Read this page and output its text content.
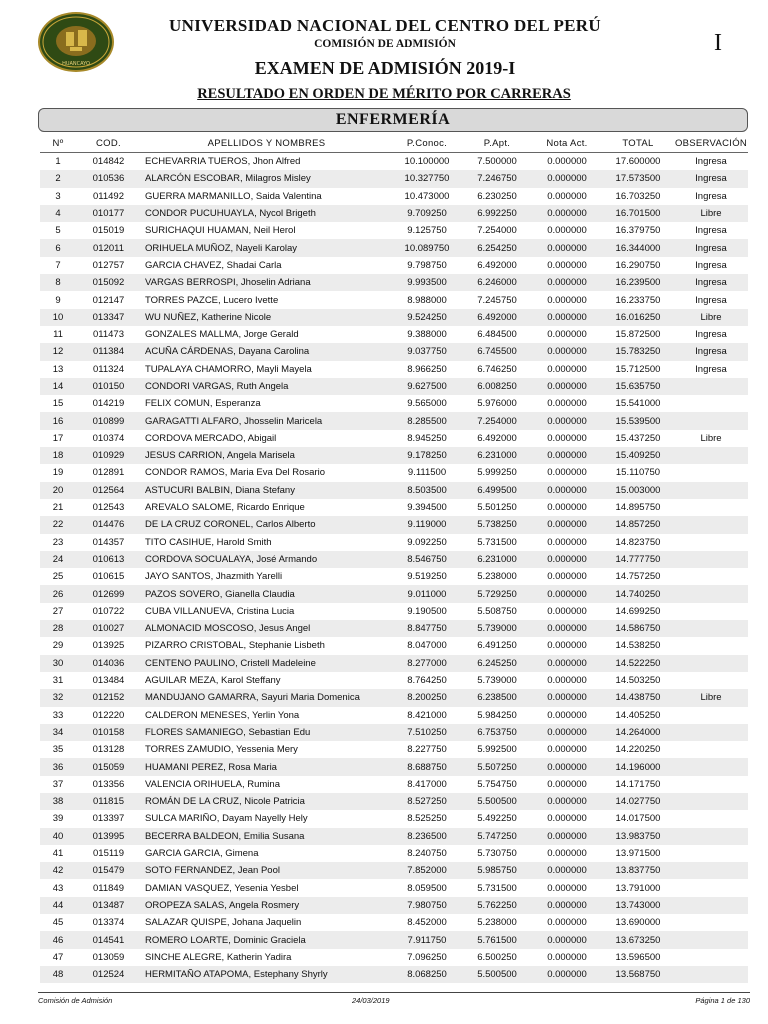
HUANCAYO
UNIVERSIDAD NACIONAL DEL CENTRO DEL PERÚ
COMISIÓN DE ADMISIÓN
EXAMEN DE ADMISIÓN 2019-I
RESULTADO EN ORDEN DE MÉRITO POR CARRERAS
I
ENFERMERÍA
Nº	COD.	APELLIDOS Y NOMBRES	P.Conoc.	P.Apt.	Nota Act.	TOTAL	OBSERVACIÓN
1	014842	ECHEVARRIA TUEROS, Jhon Alfred	10.100000	7.500000	0.000000	17.600000	Ingresa
2	010536	ALARCÓN ESCOBAR, Milagros Misley	10.327750	7.246750	0.000000	17.573500	Ingresa
3	011492	GUERRA MARMANILLO, Saida Valentina	10.473000	6.230250	0.000000	16.703250	Ingresa
4	010177	CONDOR PUCUHUAYLA, Nycol Brigeth	9.709250	6.992250	0.000000	16.701500	Libre
5	015019	SURICHAQUI HUAMAN, Neil Herol	9.125750	7.254000	0.000000	16.379750	Ingresa
6	012011	ORIHUELA MUÑOZ, Nayeli Karolay	10.089750	6.254250	0.000000	16.344000	Ingresa
7	012757	GARCIA CHAVEZ, Shadai Carla	9.798750	6.492000	0.000000	16.290750	Ingresa
8	015092	VARGAS BERROSPI, Jhoselin Adriana	9.993500	6.246000	0.000000	16.239500	Ingresa
9	012147	TORRES PAZCE, Lucero Ivette	8.988000	7.245750	0.000000	16.233750	Ingresa
10	013347	WU NUÑEZ, Katherine Nicole	9.524250	6.492000	0.000000	16.016250	Libre
11	011473	GONZALES MALLMA, Jorge Gerald	9.388000	6.484500	0.000000	15.872500	Ingresa
12	011384	ACUÑA CÁRDENAS, Dayana Carolina	9.037750	6.745500	0.000000	15.783250	Ingresa
13	011324	TUPALAYA CHAMORRO, Mayli Mayela	8.966250	6.746250	0.000000	15.712500	Ingresa
14	010150	CONDORI VARGAS, Ruth Angela	9.627500	6.008250	0.000000	15.635750	
15	014219	FELIX COMUN, Esperanza	9.565000	5.976000	0.000000	15.541000	
16	010899	GARAGATTI ALFARO, Jhosselin Maricela	8.285500	7.254000	0.000000	15.539500	
17	010374	CORDOVA MERCADO, Abigail	8.945250	6.492000	0.000000	15.437250	Libre
18	010929	JESUS CARRION, Angela Marisela	9.178250	6.231000	0.000000	15.409250	
19	012891	CONDOR RAMOS, Maria Eva Del Rosario	9.111500	5.999250	0.000000	15.110750	
20	012564	ASTUCURI BALBIN, Diana Stefany	8.503500	6.499500	0.000000	15.003000	
21	012543	AREVALO SALOME, Ricardo Enrique	9.394500	5.501250	0.000000	14.895750	
22	014476	DE LA CRUZ CORONEL, Carlos Alberto	9.119000	5.738250	0.000000	14.857250	
23	014357	TITO CASIHUE, Harold Smith	9.092250	5.731500	0.000000	14.823750	
24	010613	CORDOVA SOCUALAYA, José Armando	8.546750	6.231000	0.000000	14.777750	
25	010615	JAYO SANTOS, Jhazmith Yarelli	9.519250	5.238000	0.000000	14.757250	
26	012699	PAZOS SOVERO, Gianella Claudia	9.011000	5.729250	0.000000	14.740250	
27	010722	CUBA VILLANUEVA, Cristina Lucia	9.190500	5.508750	0.000000	14.699250	
28	010027	ALMONACID MOSCOSO, Jesus Angel	8.847750	5.739000	0.000000	14.586750	
29	013925	PIZARRO CRISTOBAL, Stephanie Lisbeth	8.047000	6.491250	0.000000	14.538250	
30	014036	CENTENO PAULINO, Cristell Madeleine	8.277000	6.245250	0.000000	14.522250	
31	013484	AGUILAR MEZA, Karol Steffany	8.764250	5.739000	0.000000	14.503250	
32	012152	MANDUJANO GAMARRA, Sayuri Maria Domenica	8.200250	6.238500	0.000000	14.438750	Libre
33	012220	CALDERON MENESES, Yerlin Yona	8.421000	5.984250	0.000000	14.405250	
34	010158	FLORES SAMANIEGO, Sebastian Edu	7.510250	6.753750	0.000000	14.264000	
35	013128	TORRES ZAMUDIO, Yessenia Mery	8.227750	5.992500	0.000000	14.220250	
36	015059	HUAMANI PEREZ, Rosa Maria	8.688750	5.507250	0.000000	14.196000	
37	013356	VALENCIA ORIHUELA, Rumina	8.417000	5.754750	0.000000	14.171750	
38	011815	ROMÁN DE LA CRUZ, Nicole Patricia	8.527250	5.500500	0.000000	14.027750	
39	013397	SULCA MARIÑO, Dayam Nayelly Hely	8.525250	5.492250	0.000000	14.017500	
40	013995	BECERRA BALDEON, Emilia Susana	8.236500	5.747250	0.000000	13.983750	
41	015119	GARCIA GARCIA, Gimena	8.240750	5.730750	0.000000	13.971500	
42	015479	SOTO FERNANDEZ, Jean Pool	7.852000	5.985750	0.000000	13.837750	
43	011849	DAMIAN VASQUEZ, Yesenia Yesbel	8.059500	5.731500	0.000000	13.791000	
44	013487	OROPEZA SALAS, Angela Rosmery	7.980750	5.762250	0.000000	13.743000	
45	013374	SALAZAR QUISPE, Johana Jaquelin	8.452000	5.238000	0.000000	13.690000	
46	014541	ROMERO LOARTE, Dominic Graciela	7.911750	5.761500	0.000000	13.673250	
47	013059	SINCHE ALEGRE, Katherin Yadira	7.096250	6.500250	0.000000	13.596500	
48	012524	HERMITAÑO ATAPOMA, Estephany Shyrly	8.068250	5.500500	0.000000	13.568750	
Comisión de Admisión	24/03/2019	Página 1 de 130
